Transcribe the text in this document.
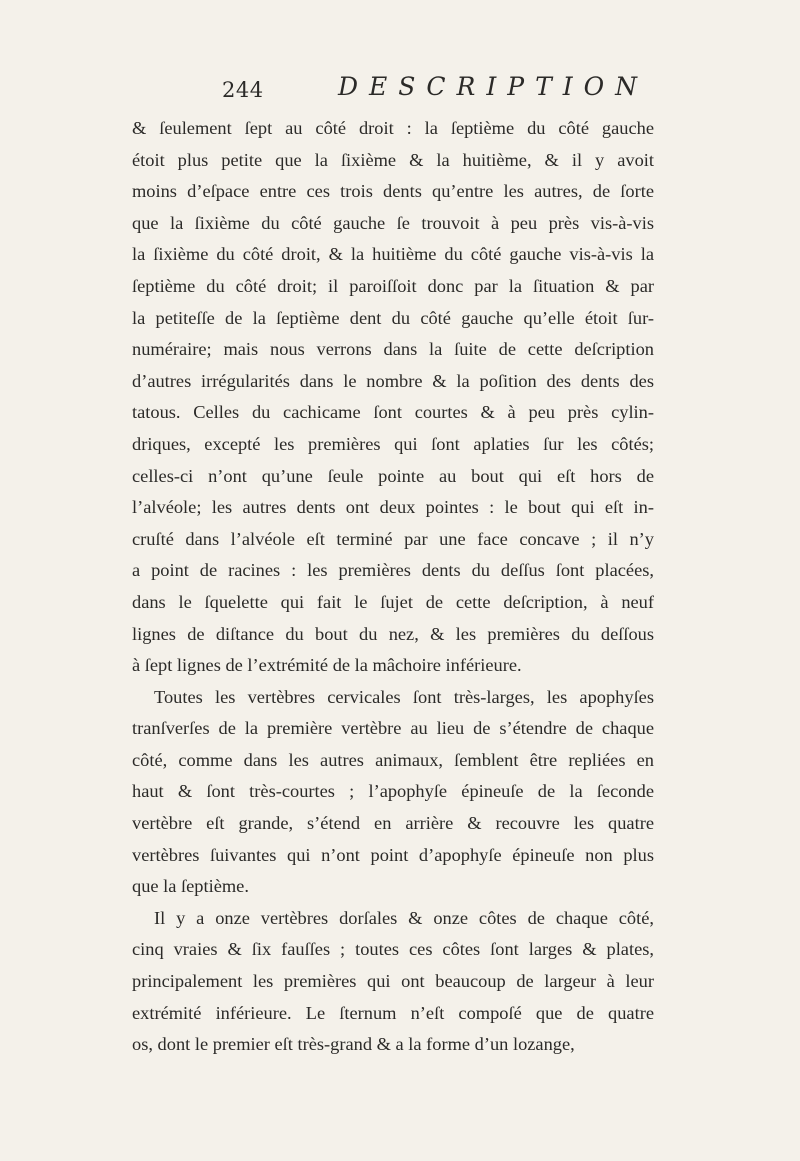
244	DESCRIPTION
& ſeulement ſept au côté droit : la ſeptième du côté gauche
étoit plus petite que la ſixième & la huitième, & il y avoit
moins d’eſpace entre ces trois dents qu’entre les autres, de ſorte
que la ſixième du côté gauche ſe trouvoit à peu près vis-à-vis
la ſixième du côté droit, & la huitième du côté gauche vis-à-vis la
ſeptième du côté droit; il paroiſſoit donc par la ſituation & par
la petiteſſe de la ſeptième dent du côté gauche qu’elle étoit ſur-
numéraire; mais nous verrons dans la ſuite de cette deſcription
d’autres irrégularités dans le nombre & la poſition des dents des
tatous. Celles du cachicame ſont courtes & à peu près cylin-
driques, excepté les premières qui ſont aplaties ſur les côtés;
celles-ci n’ont qu’une ſeule pointe au bout qui eſt hors de
l’alvéole; les autres dents ont deux pointes : le bout qui eſt in-
cruſté dans l’alvéole eſt terminé par une face concave ; il n’y
a point de racines : les premières dents du deſſus ſont placées,
dans le ſquelette qui fait le ſujet de cette deſcription, à neuf
lignes de diſtance du bout du nez, & les premières du deſſous
à ſept lignes de l’extrémité de la mâchoire inférieure.
Toutes les vertèbres cervicales ſont très-larges, les apophyſes
tranſverſes de la première vertèbre au lieu de s’étendre de chaque
côté, comme dans les autres animaux, ſemblent être repliées en
haut & ſont très-courtes ; l’apophyſe épineuſe de la ſeconde
vertèbre eſt grande, s’étend en arrière & recouvre les quatre
vertèbres ſuivantes qui n’ont point d’apophyſe épineuſe non plus
que la ſeptième.
Il y a onze vertèbres dorſales & onze côtes de chaque côté,
cinq vraies & ſix fauſſes ; toutes ces côtes ſont larges & plates,
principalement les premières qui ont beaucoup de largeur à leur
extrémité inférieure. Le ſternum n’eſt compoſé que de quatre
os, dont le premier eſt très-grand & a la forme d’un lozange,
